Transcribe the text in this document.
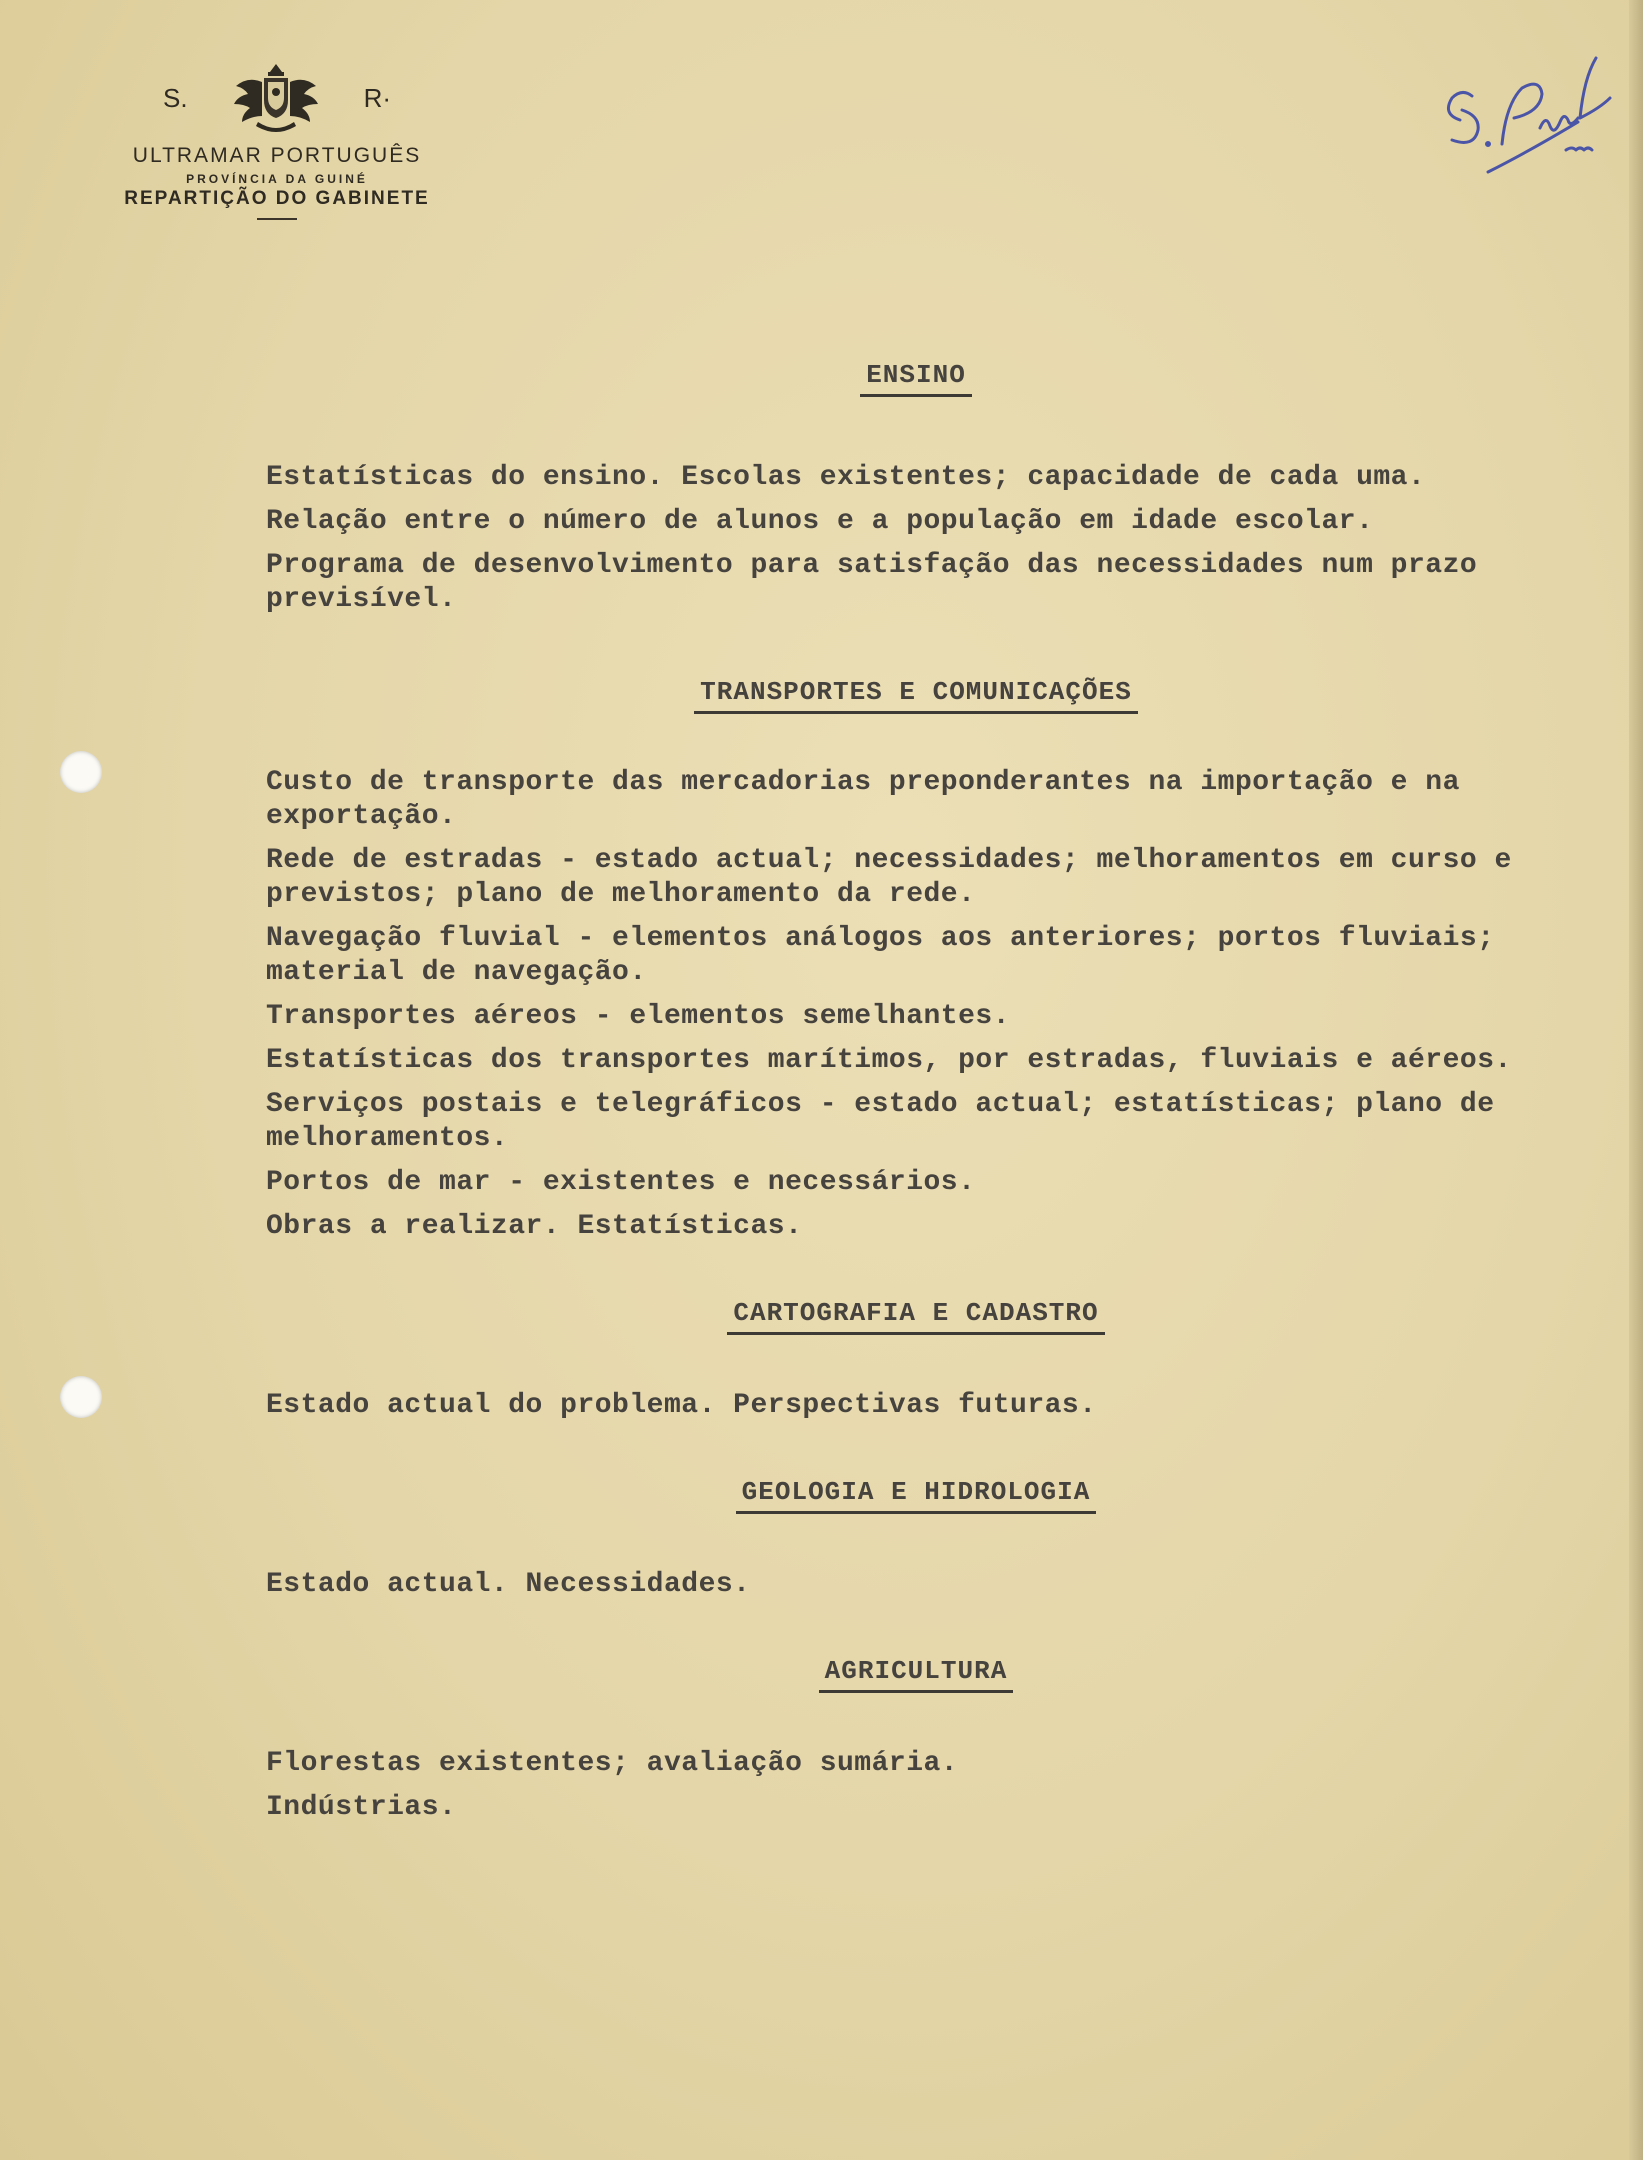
S.	R·
ULTRAMAR PORTUGUÊS
PROVÍNCIA DA GUINÉ
REPARTIÇÃO DO GABINETE
ENSINO

Estatísticas do ensino. Escolas existentes; capacidade de cada uma.

Relação entre o número de alunos e a população em idade escolar.

Programa de desenvolvimento para satisfação das necessidades num prazo previsível.

TRANSPORTES E COMUNICAÇÕES

Custo de transporte das mercadorias preponderantes na importação e na exportação.

Rede de estradas - estado actual; necessidades; melhoramentos em curso e previstos; plano de melhoramento da rede.

Navegação fluvial - elementos análogos aos anteriores; portos fluviais; material de navegação.

Transportes aéreos - elementos semelhantes.

Estatísticas dos transportes marítimos, por estradas, fluviais e aéreos.

Serviços postais e telegráficos - estado actual; estatísticas; plano de melhoramentos.

Portos de mar - existentes e necessários.

Obras a realizar. Estatísticas.

CARTOGRAFIA E CADASTRO

Estado actual do problema. Perspectivas futuras.

GEOLOGIA E HIDROLOGIA

Estado actual. Necessidades.

AGRICULTURA

Florestas existentes; avaliação sumária.

Indústrias.
